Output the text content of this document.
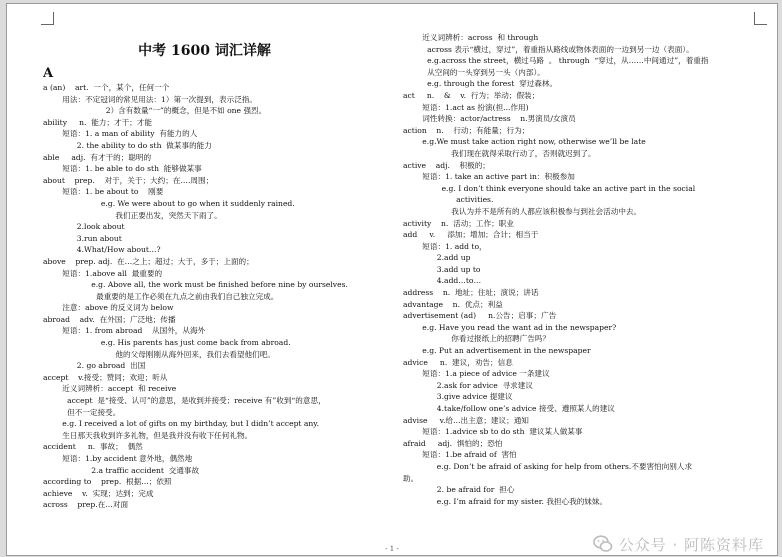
中考 1600 词汇详解
A
a (an)    art.  一个，某个，任何一个
用法：不定冠词的常见用法：1）第一次提到，表示泛指。
2）含有数量“一”的概念，但是不如 one 强烈。
ability     n.  能力；才干；才能
短语：1. a man of ability  有能力的人
2. the ability to do sth  做某事的能力
able     adj.  有才干的；聪明的
短语：1. be able to do sth  能够做某事
about    prep.    对于，关于；大约；在….周围；
短语：1. be about to    刚要
e.g. We were about to go when it suddenly rained.
我们正要出发，突然天下雨了。
2.look about
3.run about
4.What/How about…?
above    prep. adj.  在…之上；超过；大于，多于；上面的；
短语：1.above all  最重要的
e.g. Above all, the work must be finished before nine by ourselves.
最重要的是工作必须在九点之前由我们自己独立完成。
注意：above 的反义词为 below
abroad    adv.  在外国；广泛地；传播
短语：1. from abroad    从国外，从海外
e.g. His parents has just come back from abroad.
他的父母刚刚从海外回来，我们去看望他们吧。
2. go abroad  出国
accept    v.接受；赞同；欢迎；听从
近义词辨析：accept  和 receive
accept  是“接受、认可”的意思，是收到并接受；receive 有”收到“的意思，
但不一定接受。
e.g. I received a lot of gifts on my birthday, but I didn’t accept any.
生日那天我收到许多礼物，但是我并没有收下任何礼物。
accident     n.  事故；  偶然
短语：1.by accident 意外地，偶然地
2.a traffic accident  交通事故
according to    prep.  根据…；依照
achieve    v.  实现；达到；完成
across    prep.在…对面
近义词辨析：across  和 through
across 表示“横过，穿过”，着重指从路线或物体表面的一边到另一边（表面）。
e.g.across the street，横过马路  。 through  “穿过，从……中间通过”，着重指
从空间的一头穿到另一头（内部）。
e.g. through the forest  穿过森林。
act     n.    &    v.  行为；举动；假装；
短语：1.act as 扮演(担...作用)
词性转换：actor/actress    n.男演员/女演员
action    n.    行动；有能量；行为；
e.g.We must take action right now, otherwise we’ll be late
我们现在就得采取行动了，否则就迟到了。
active    adj.    积极的；
短语：1. take an active part in：积极参加
e.g. I don’t think everyone should take an active part in the social
activities.
我认为并不是所有的人都应该积极参与到社会活动中去。
activity    n.  活动；工作；职业
add     v.     添加；增加；合计；相当于
短语：1. add to，
2.add up
3.add up to
4.add…to…
address    n.  地址；住址；演说；讲话
advantage    n.  优点；利益
advertisement (ad)     n.公告；启事；广告
e.g. Have you read the want ad in the newspaper?
你看过报纸上的招聘广告吗？
e.g. Put an advertisement in the newspaper
advice     n.  建议，劝告；信息
短语：1.a piece of advice 一条建议
2.ask for advice  寻求建议
3.give advice 提建议
4.take/follow one’s advice 接受、遵照某人的建议
advise     v.给…出主意；建议；通知
短语：1.advice sb to do sth  建议某人做某事
afraid     adj.  惧怕的；恐怕
短语：1.be afraid of  害怕
e.g. Don’t be afraid of asking for help from others.不要害怕向别人求
助。
2. be afraid for  担心
e.g. I’m afraid for my sister. 我担心我的妹妹。
- 1 -	公众号 · 阿陈资料库
